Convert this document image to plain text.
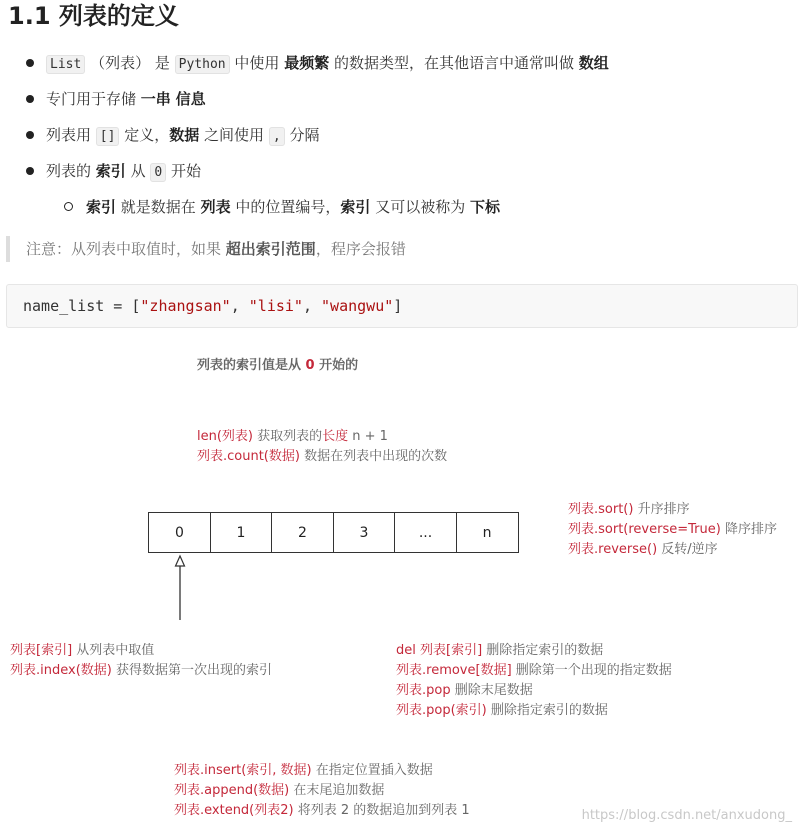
1.1 列表的定义
List （列表） 是 Python 中使用 最频繁 的数据类型，在其他语言中通常叫做 数组
专门用于存储 一串 信息
列表用 [] 定义，数据 之间使用 , 分隔
列表的 索引 从 0 开始
索引 就是数据在 列表 中的位置编号，索引 又可以被称为 下标
注意：从列表中取值时，如果 超出索引范围，程序会报错
name_list = ["zhangsan", "lisi", "wangwu"]
列表的索引值是从 0 开始的
len(列表) 获取列表的长度 n + 1
列表.count(数据) 数据在列表中出现的次数
列表.sort() 升序排序
列表.sort(reverse=True) 降序排序
列表.reverse() 反转/逆序
0	1	2	3	...	n
列表[索引] 从列表中取值
列表.index(数据) 获得数据第一次出现的索引
del 列表[索引] 删除指定索引的数据
列表.remove[数据] 删除第一个出现的指定数据
列表.pop 删除末尾数据
列表.pop(索引) 删除指定索引的数据
列表.insert(索引, 数据) 在指定位置插入数据
列表.append(数据) 在末尾追加数据
列表.extend(列表2) 将列表 2 的数据追加到列表 1	https://blog.csdn.net/anxudong_
